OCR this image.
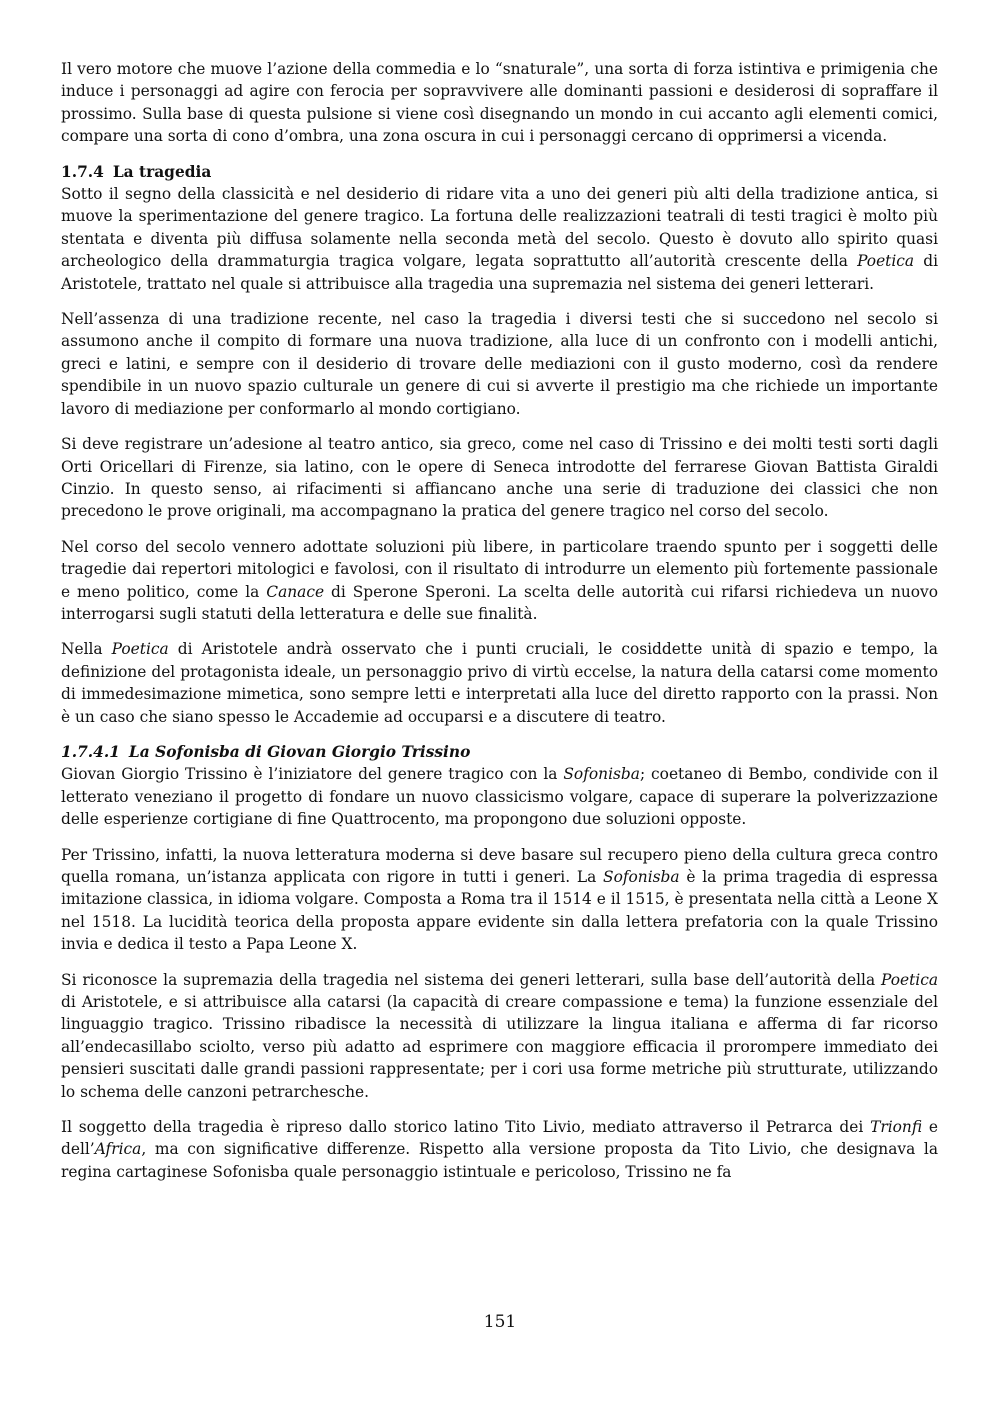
Il vero motore che muove l’azione della commedia e lo “snaturale”, una sorta di forza istintiva e primigenia che induce i personaggi ad agire con ferocia per sopravvivere alle dominanti passioni e desiderosi di sopraffare il prossimo. Sulla base di questa pulsione si viene così disegnando un mondo in cui accanto agli elementi comici, compare una sorta di cono d’ombra, una zona oscura in cui i personaggi cercano di opprimersi a vicenda.

1.7.4 La tragedia

Sotto il segno della classicità e nel desiderio di ridare vita a uno dei generi più alti della tradizione antica, si muove la sperimentazione del genere tragico. La fortuna delle realizzazioni teatrali di testi tragici è molto più stentata e diventa più diffusa solamente nella seconda metà del secolo. Questo è dovuto allo spirito quasi archeologico della drammaturgia tragica volgare, legata soprattutto all’autorità crescente della Poetica di Aristotele, trattato nel quale si attribuisce alla tragedia una supremazia nel sistema dei generi letterari.

Nell’assenza di una tradizione recente, nel caso la tragedia i diversi testi che si succedono nel secolo si assumono anche il compito di formare una nuova tradizione, alla luce di un confronto con i modelli antichi, greci e latini, e sempre con il desiderio di trovare delle mediazioni con il gusto moderno, così da rendere spendibile in un nuovo spazio culturale un genere di cui si avverte il prestigio ma che richiede un importante lavoro di mediazione per conformarlo al mondo cortigiano.

Si deve registrare un’adesione al teatro antico, sia greco, come nel caso di Trissino e dei molti testi sorti dagli Orti Oricellari di Firenze, sia latino, con le opere di Seneca introdotte del ferrarese Giovan Battista Giraldi Cinzio. In questo senso, ai rifacimenti si affiancano anche una serie di traduzione dei classici che non precedono le prove originali, ma accompagnano la pratica del genere tragico nel corso del secolo.

Nel corso del secolo vennero adottate soluzioni più libere, in particolare traendo spunto per i soggetti delle tragedie dai repertori mitologici e favolosi, con il risultato di introdurre un elemento più fortemente passionale e meno politico, come la Canace di Sperone Speroni. La scelta delle autorità cui rifarsi richiedeva un nuovo interrogarsi sugli statuti della letteratura e delle sue finalità.

Nella Poetica di Aristotele andrà osservato che i punti cruciali, le cosiddette unità di spazio e tempo, la definizione del protagonista ideale, un personaggio privo di virtù eccelse, la natura della catarsi come momento di immedesimazione mimetica, sono sempre letti e interpretati alla luce del diretto rapporto con la prassi. Non è un caso che siano spesso le Accademie ad occuparsi e a discutere di teatro.

1.7.4.1 La Sofonisba di Giovan Giorgio Trissino

Giovan Giorgio Trissino è l’iniziatore del genere tragico con la Sofonisba; coetaneo di Bembo, condivide con il letterato veneziano il progetto di fondare un nuovo classicismo volgare, capace di superare la polverizzazione delle esperienze cortigiane di fine Quattrocento, ma propongono due soluzioni opposte.

Per Trissino, infatti, la nuova letteratura moderna si deve basare sul recupero pieno della cultura greca contro quella romana, un’istanza applicata con rigore in tutti i generi. La Sofonisba è la prima tragedia di espressa imitazione classica, in idioma volgare. Composta a Roma tra il 1514 e il 1515, è presentata nella città a Leone X nel 1518. La lucidità teorica della proposta appare evidente sin dalla lettera prefatoria con la quale Trissino invia e dedica il testo a Papa Leone X.

Si riconosce la supremazia della tragedia nel sistema dei generi letterari, sulla base dell’autorità della Poetica di Aristotele, e si attribuisce alla catarsi (la capacità di creare compassione e tema) la funzione essenziale del linguaggio tragico. Trissino ribadisce la necessità di utilizzare la lingua italiana e afferma di far ricorso all’endecasillabo sciolto, verso più adatto ad esprimere con maggiore efficacia il prorompere immediato dei pensieri suscitati dalle grandi passioni rappresentate; per i cori usa forme metriche più strutturate, utilizzando lo schema delle canzoni petrarchesche.

Il soggetto della tragedia è ripreso dallo storico latino Tito Livio, mediato attraverso il Petrarca dei Trionfi e dell’Africa, ma con significative differenze. Rispetto alla versione proposta da Tito Livio, che designava la regina cartaginese Sofonisba quale personaggio istintuale e pericoloso, Trissino ne fa

151
